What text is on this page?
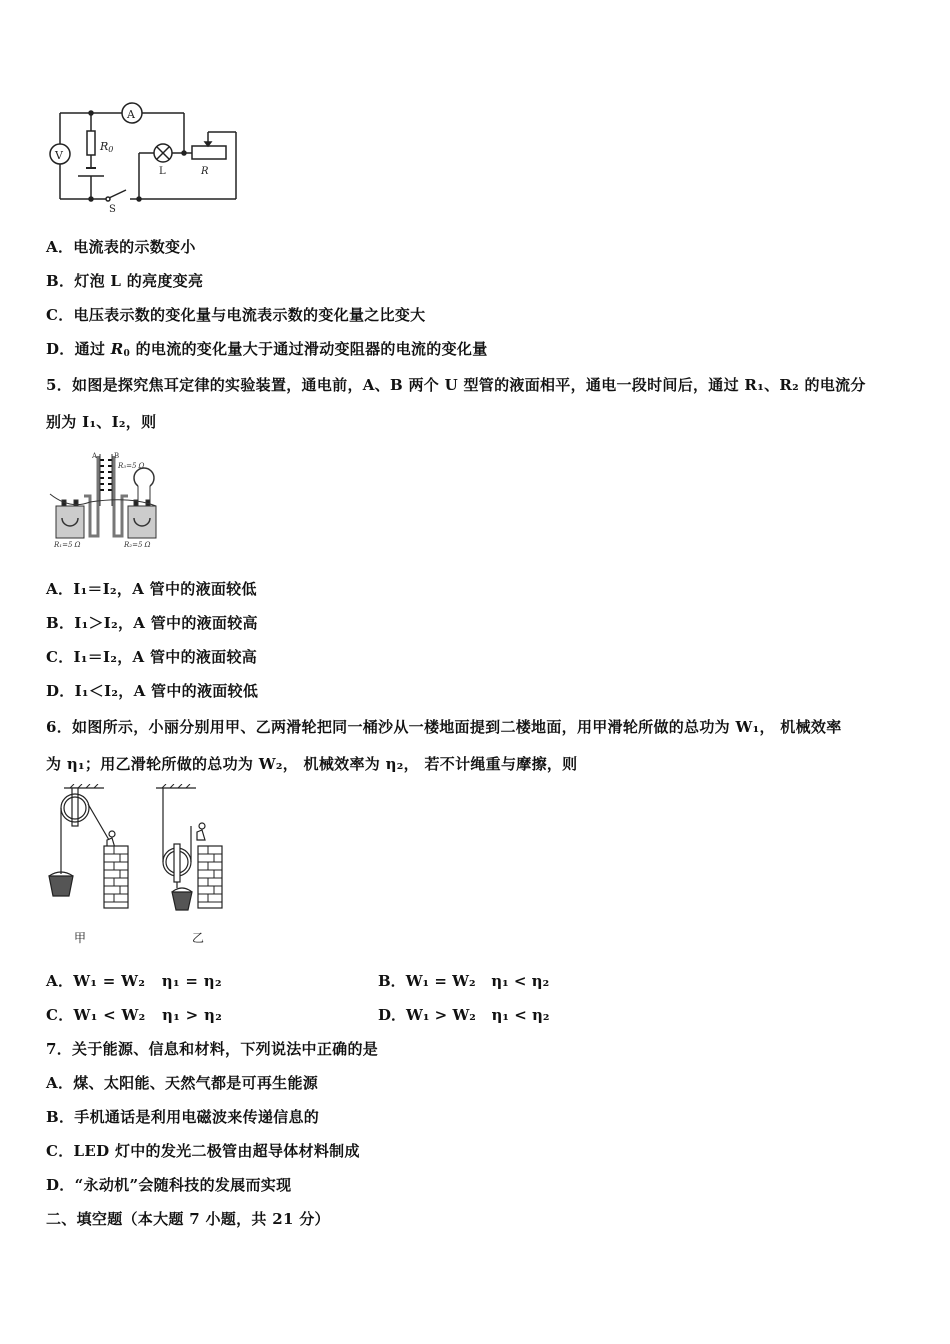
A
V
R0
S
L	R
A．电流表的示数变小
B．灯泡 L 的亮度变亮
C．电压表示数的变化量与电流表示数的变化量之比变大
D．通过 $R_0$ 的电流的变化量大于通过滑动变阻器的电流的变化量
5．如图是探究焦耳定律的实验装置，通电前，A、B 两个 U 型管的液面相平，通电一段时间后，通过 R₁、R₂ 的电流分
别为 I₁、I₂，则
A B
R₃=5 Ω
R₁=5 Ω	R₂=5 Ω
A．I₁＝I₂，A 管中的液面较低
B．I₁＞I₂，A 管中的液面较高
C．I₁＝I₂，A 管中的液面较高
D．I₁＜I₂，A 管中的液面较低
6．如图所示，小丽分别用甲、乙两滑轮把同一桶沙从一楼地面提到二楼地面，用甲滑轮所做的总功为 W₁， 机械效率
为 η₁；用乙滑轮所做的总功为 W₂， 机械效率为 η₂， 若不计绳重与摩擦，则
甲	乙
A．W₁ = W₂   η₁ = η₂	B．W₁ = W₂   η₁ < η₂
C．W₁ < W₂   η₁ > η₂	D．W₁ > W₂   η₁ < η₂
7．关于能源、信息和材料，下列说法中正确的是
A．煤、太阳能、天然气都是可再生能源
B．手机通话是利用电磁波来传递信息的
C．LED 灯中的发光二极管由超导体材料制成
D．“永动机”会随科技的发展而实现
二、填空题（本大题 7 小题，共 21 分）
